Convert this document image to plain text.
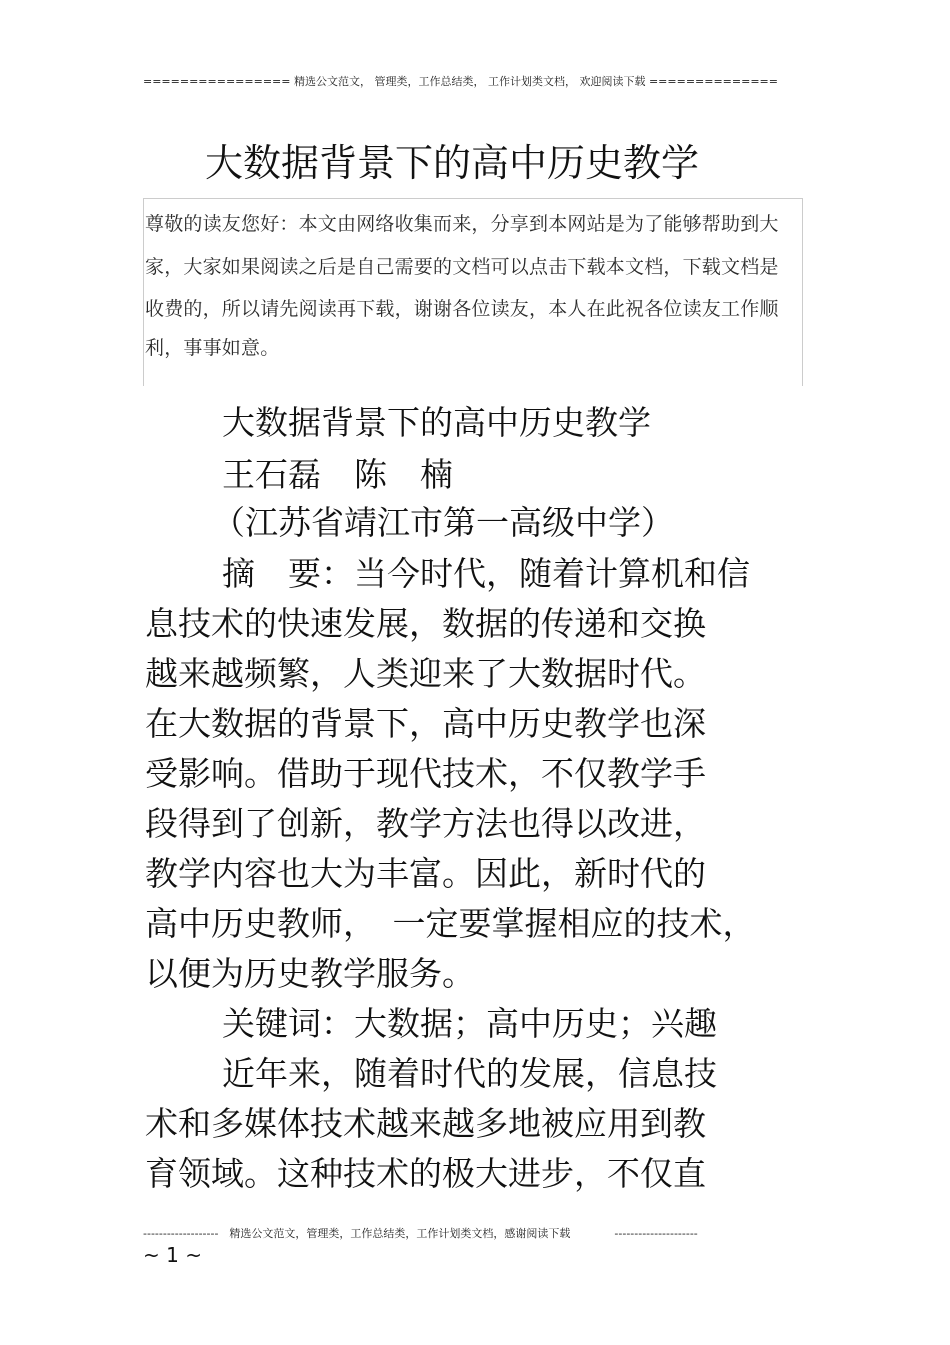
================ 精选公文范文， 管理类，工作总结类， 工作计划类文档， 欢迎阅读下载 ==============
大数据背景下的高中历史教学
尊敬的读友您好：本文由网络收集而来，分享到本网站是为了能够帮助到大
家，大家如果阅读之后是自己需要的文档可以点击下载本文档，下载文档是
收费的，所以请先阅读再下载，谢谢各位读友，本人在此祝各位读友工作顺
利，事事如意。
大数据背景下的高中历史教学
王石磊　陈　楠
（江苏省靖江市第一高级中学）
摘　要：当今时代，随着计算机和信
息技术的快速发展，数据的传递和交换
越来越频繁，人类迎来了大数据时代。
在大数据的背景下，高中历史教学也深
受影响。借助于现代技术，不仅教学手
段得到了创新，教学方法也得以改进，
教学内容也大为丰富。因此，新时代的
高中历史教师，　一定要掌握相应的技术，
以便为历史教学服务。
关键词：大数据；高中历史；兴趣
近年来，随着时代的发展，信息技
术和多媒体技术越来越多地被应用到教
育领域。这种技术的极大进步，不仅直
-------------------　精选公文范文，管理类，工作总结类，工作计划类文档，感谢阅读下载　　　　---------------------
~ 1 ~
